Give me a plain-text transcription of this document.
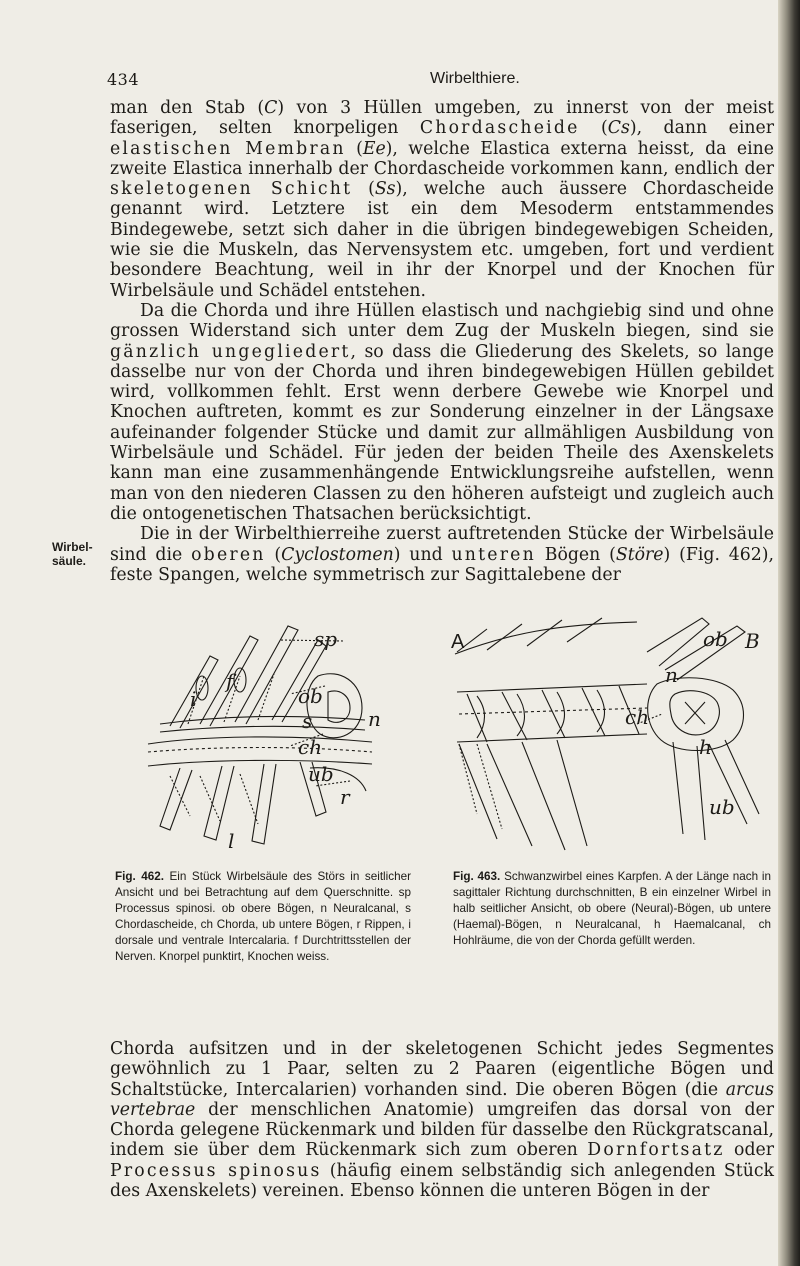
434	Wirbelthiere.

man den Stab (C) von 3 Hüllen umgeben, zu innerst von der meist faserigen, selten knorpeligen Chordascheide (Cs), dann einer elastischen Membran (Ee), welche Elastica externa heisst, da eine zweite Elastica innerhalb der Chordascheide vorkommen kann, endlich der skeletogenen Schicht (Ss), welche auch äussere Chordascheide genannt wird. Letztere ist ein dem Mesoderm entstammendes Bindegewebe, setzt sich daher in die übrigen bindegewebigen Scheiden, wie sie die Muskeln, das Nervensystem etc. umgeben, fort und verdient besondere Beachtung, weil in ihr der Knorpel und der Knochen für Wirbelsäule und Schädel entstehen.

Da die Chorda und ihre Hüllen elastisch und nachgiebig sind und ohne grossen Widerstand sich unter dem Zug der Muskeln biegen, sind sie gänzlich ungegliedert, so dass die Gliederung des Skelets, so lange dasselbe nur von der Chorda und ihren bindegewebigen Hüllen gebildet wird, vollkommen fehlt. Erst wenn derbere Gewebe wie Knorpel und Knochen auftreten, kommt es zur Sonderung einzelner in der Längsaxe aufeinander folgender Stücke und damit zur allmähligen Ausbildung von Wirbelsäule und Schädel. Für jeden der beiden Theile des Axenskelets kann man eine zusammenhängende Entwicklungsreihe aufstellen, wenn man von den niederen Classen zu den höheren aufsteigt und zugleich auch die ontogenetischen Thatsachen berücksichtigt.

Die in der Wirbelthierreihe zuerst auftretenden Stücke der Wirbelsäule sind die oberen (Cyclostomen) und unteren Bögen (Störe) (Fig. 462), feste Spangen, welche symmetrisch zur Sagittalebene der

Wirbel-
säule.
sp
i
f
ob
n
s
ch
ub
r
l
A	B
ob
n
ch
h
ub
Fig. 462. Ein Stück Wirbelsäule des Störs in seitlicher Ansicht und bei Betrachtung auf dem Querschnitte. sp Processus spinosi. ob obere Bögen, n Neuralcanal, s Chordascheide, ch Chorda, ub untere Bögen, r Rippen, i dorsale und ventrale Intercalaria. f Durchtrittsstellen der Nerven. Knorpel punktirt, Knochen weiss.
Fig. 463. Schwanzwirbel eines Karpfen. A der Länge nach in sagittaler Richtung durchschnitten, B ein einzelner Wirbel in halb seitlicher Ansicht, ob obere (Neural)-Bögen, ub untere (Haemal)-Bögen, n Neuralcanal, h Haemalcanal, ch Hohlräume, die von der Chorda gefüllt werden.

Chorda aufsitzen und in der skeletogenen Schicht jedes Segmentes gewöhnlich zu 1 Paar, selten zu 2 Paaren (eigentliche Bögen und Schaltstücke, Intercalarien) vorhanden sind. Die oberen Bögen (die arcus vertebrae der menschlichen Anatomie) umgreifen das dorsal von der Chorda gelegene Rückenmark und bilden für dasselbe den Rückgratscanal, indem sie über dem Rückenmark sich zum oberen Dornfortsatz oder Processus spinosus (häufig einem selbständig sich anlegenden Stück des Axenskelets) vereinen. Ebenso können die unteren Bögen in der
